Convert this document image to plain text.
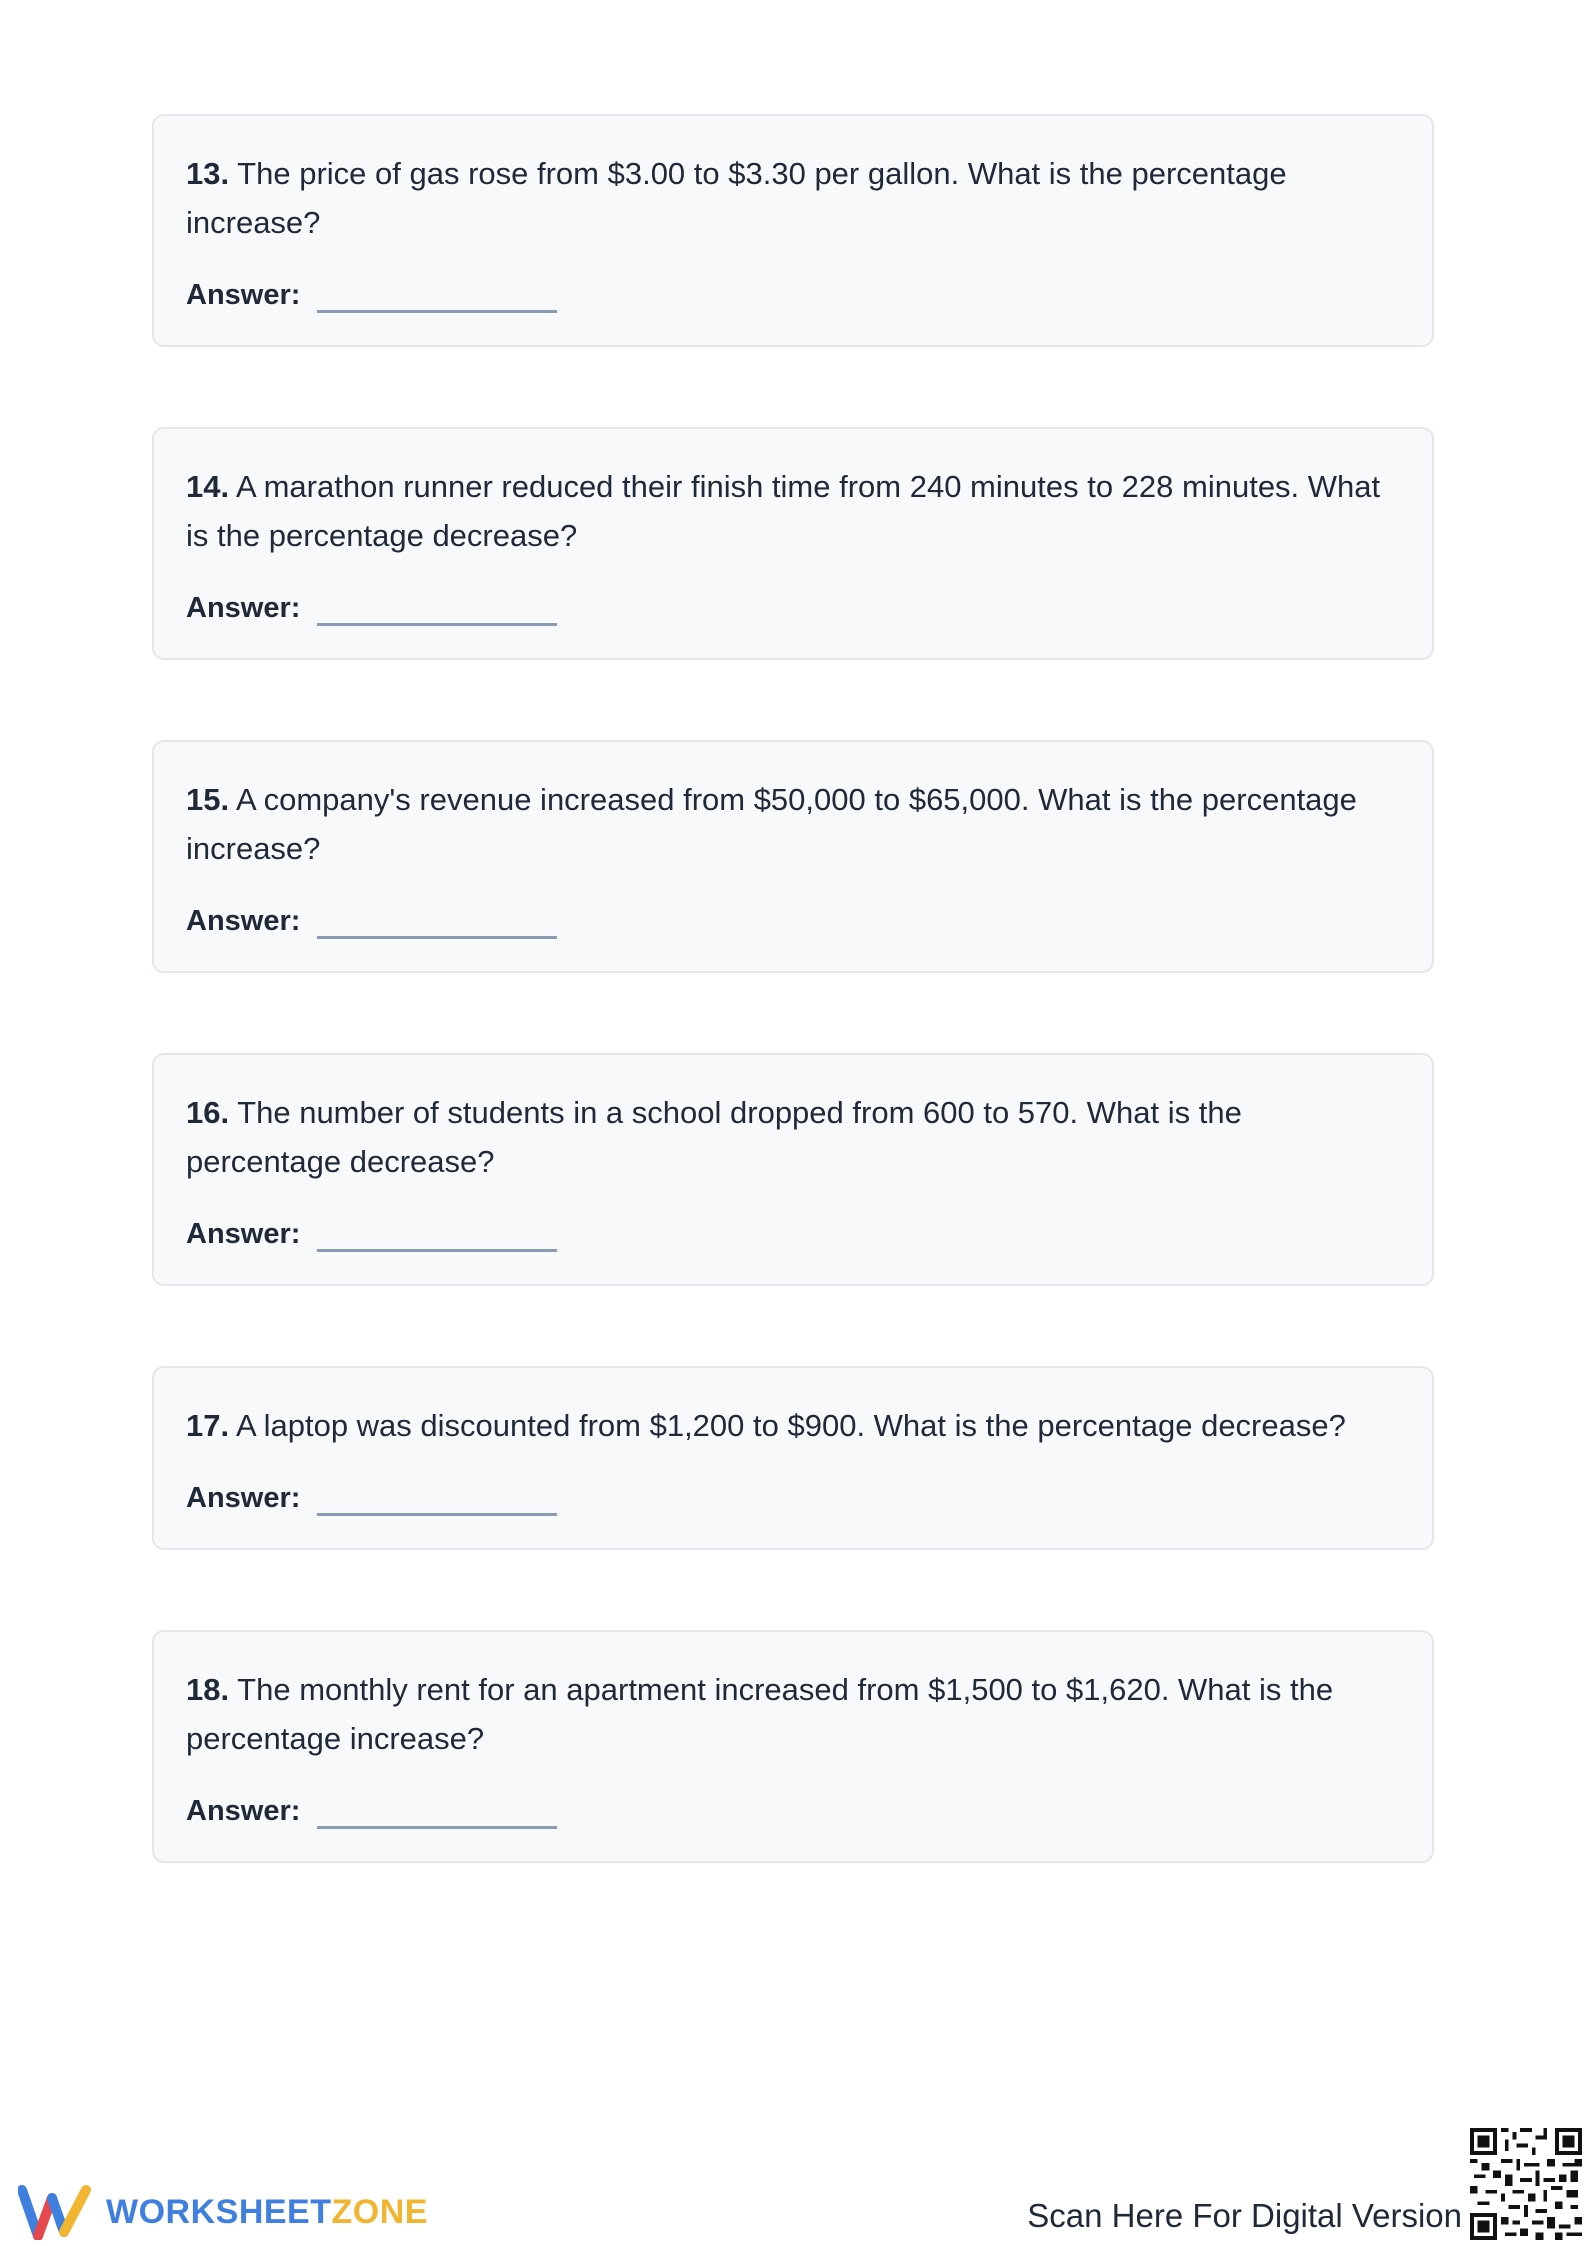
13. The price of gas rose from $3.00 to $3.30 per gallon. What is the percentage increase?

Answer:

14. A marathon runner reduced their finish time from 240 minutes to 228 minutes. What is the percentage decrease?

Answer:

15. A company's revenue increased from $50,000 to $65,000. What is the percentage increase?

Answer:

16. The number of students in a school dropped from 600 to 570. What is the percentage decrease?

Answer:

17. A laptop was discounted from $1,200 to $900. What is the percentage decrease?

Answer:

18. The monthly rent for an apartment increased from $1,500 to $1,620. What is the percentage increase?

Answer:
WORKSHEETZONE	Scan Here For Digital Version
